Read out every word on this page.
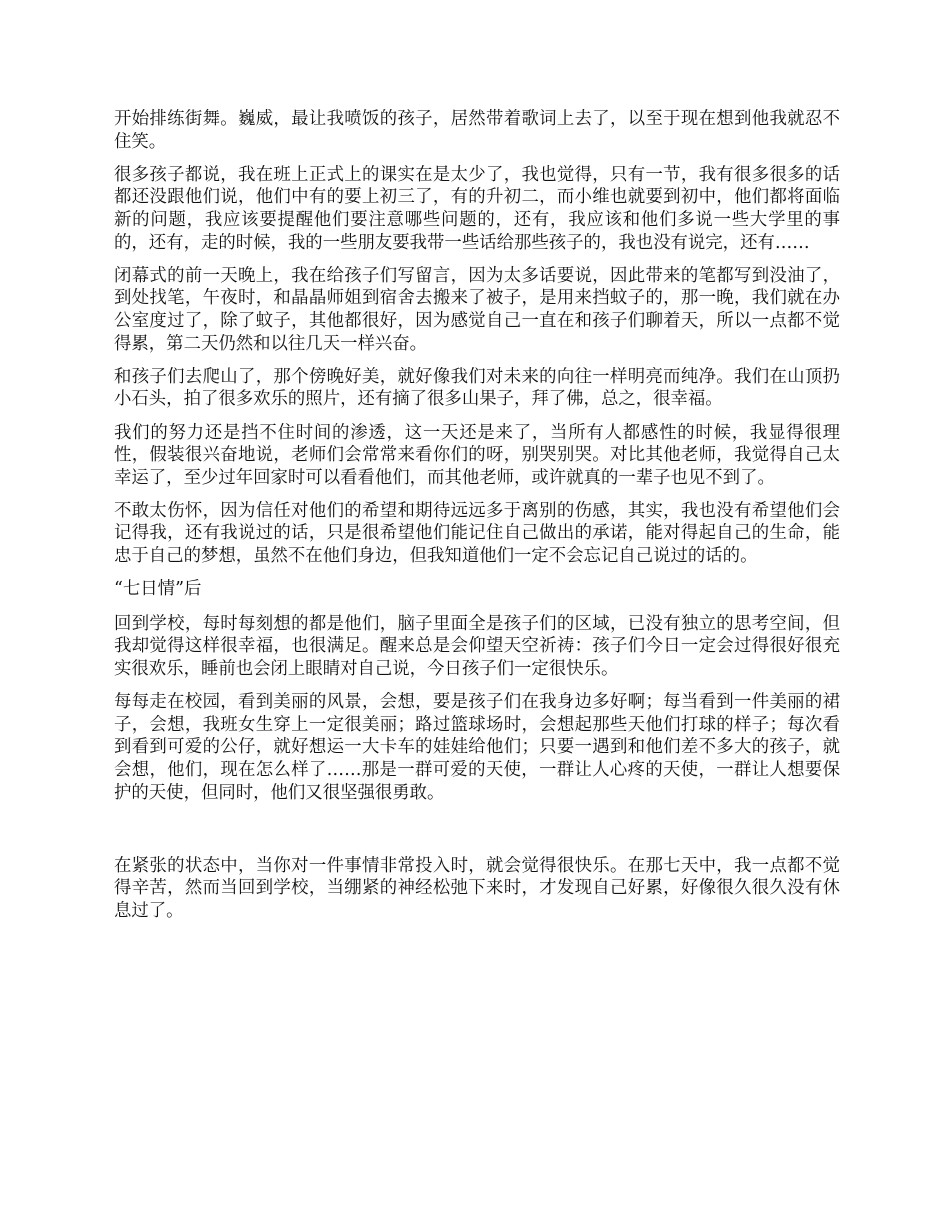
开始排练街舞。巍威，最让我喷饭的孩子，居然带着歌词上去了，以至于现在想到他我就忍不住笑。

很多孩子都说，我在班上正式上的课实在是太少了，我也觉得，只有一节，我有很多很多的话都还没跟他们说，他们中有的要上初三了，有的升初二，而小维也就要到初中，他们都将面临新的问题，我应该要提醒他们要注意哪些问题的，还有，我应该和他们多说一些大学里的事的，还有，走的时候，我的一些朋友要我带一些话给那些孩子的，我也没有说完，还有……

闭幕式的前一天晚上，我在给孩子们写留言，因为太多话要说，因此带来的笔都写到没油了，到处找笔，午夜时，和晶晶师姐到宿舍去搬来了被子，是用来挡蚊子的，那一晚，我们就在办公室度过了，除了蚊子，其他都很好，因为感觉自己一直在和孩子们聊着天，所以一点都不觉得累，第二天仍然和以往几天一样兴奋。

和孩子们去爬山了，那个傍晚好美，就好像我们对未来的向往一样明亮而纯净。我们在山顶扔小石头，拍了很多欢乐的照片，还有摘了很多山果子，拜了佛，总之，很幸福。

我们的努力还是挡不住时间的渗透，这一天还是来了，当所有人都感性的时候，我显得很理性，假装很兴奋地说，老师们会常常来看你们的呀，别哭别哭。对比其他老师，我觉得自己太幸运了，至少过年回家时可以看看他们，而其他老师，或许就真的一辈子也见不到了。

不敢太伤怀，因为信任对他们的希望和期待远远多于离别的伤感，其实，我也没有希望他们会记得我，还有我说过的话，只是很希望他们能记住自己做出的承诺，能对得起自己的生命，能忠于自己的梦想，虽然不在他们身边，但我知道他们一定不会忘记自己说过的话的。

“七日情”后

回到学校，每时每刻想的都是他们，脑子里面全是孩子们的区域，已没有独立的思考空间，但我却觉得这样很幸福，也很满足。醒来总是会仰望天空祈祷：孩子们今日一定会过得很好很充实很欢乐，睡前也会闭上眼睛对自己说，今日孩子们一定很快乐。

每每走在校园，看到美丽的风景，会想，要是孩子们在我身边多好啊；每当看到一件美丽的裙子，会想，我班女生穿上一定很美丽；路过篮球场时，会想起那些天他们打球的样子；每次看到看到可爱的公仔，就好想运一大卡车的娃娃给他们；只要一遇到和他们差不多大的孩子，就会想，他们，现在怎么样了……那是一群可爱的天使，一群让人心疼的天使，一群让人想要保护的天使，但同时，他们又很坚强很勇敢。

在紧张的状态中，当你对一件事情非常投入时，就会觉得很快乐。在那七天中，我一点都不觉得辛苦，然而当回到学校，当绷紧的神经松弛下来时，才发现自己好累，好像很久很久没有休息过了。
